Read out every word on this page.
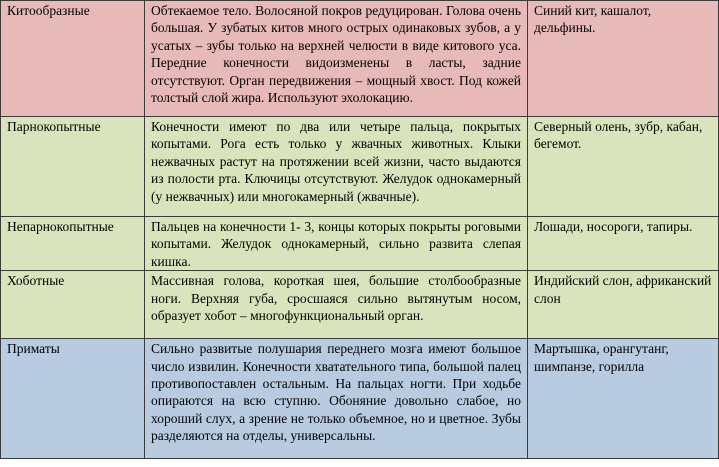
Китообразные	Обтекаемое тело. Волосяной покров редуцирован. Голова очень большая. У зубатых китов много острых одинаковых зубов, а у усатых – зубы только на верхней челюсти в виде китового уса. Передние конечности видоизменены в ласты, задние отсутствуют. Орган передвижения – мощный хвост. Под кожей толстый слой жира. Используют эхолокацию.	Синий кит, кашалот, дельфины.
Парнокопытные	Конечности имеют по два или четыре пальца, покрытых копытами. Рога есть только у жвачных животных. Клыки нежвачных растут на протяжении всей жизни, часто выдаются из полости рта. Ключицы отсутствуют. Желудок однокамерный (у нежвачных) или многокамерный (жвачные).	Северный олень, зубр, кабан, бегемот.
Непарнокопытные	Пальцев на конечности 1- 3, концы которых покрыты роговыми копытами. Желудок однокамерный, сильно развита слепая кишка.	Лошади, носороги, тапиры.
Хоботные	Массивная голова, короткая шея, большие столбообразные ноги. Верхняя губа, сросшаяся сильно вытянутым носом, образует хобот – многофункциональный орган.	Индийский слон, африканский слон
Приматы	Сильно развитые полушария переднего мозга имеют большое число извилин. Конечности хватательного типа, большой палец противопоставлен остальным. На пальцах ногти. При ходьбе опираются на всю ступню. Обоняние довольно слабое, но хороший слух, а зрение не только объемное, но и цветное. Зубы разделяются на отделы, универсальны.	Мартышка, орангутанг, шимпанзе, горилла
